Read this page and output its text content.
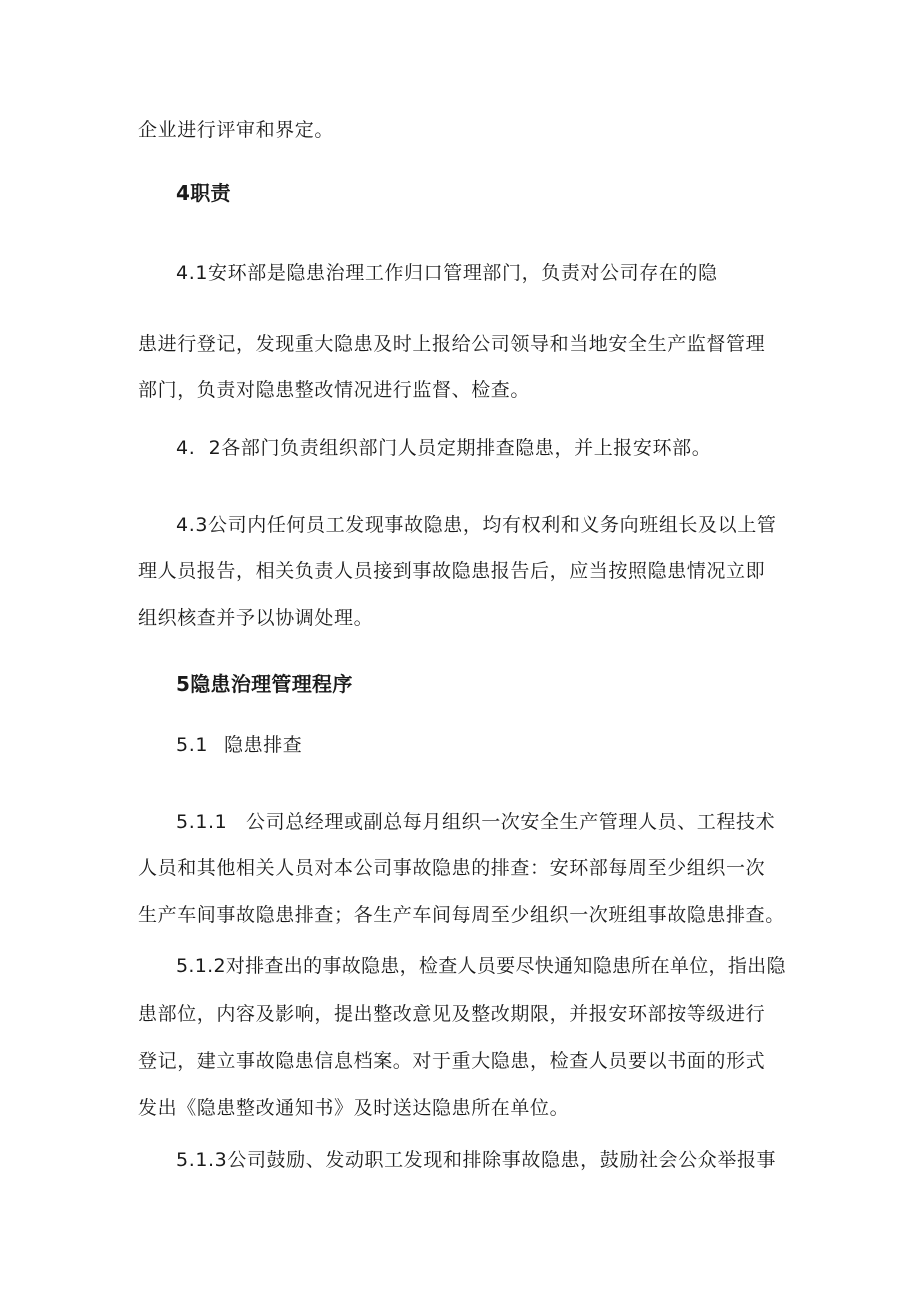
企业进行评审和界定。
4职责
4.1安环部是隐患治理工作归口管理部门，负责对公司存在的隐
患进行登记，发现重大隐患及时上报给公司领导和当地安全生产监督管理
部门，负责对隐患整改情况进行监督、检查。
4.  2各部门负责组织部门人员定期排查隐患，并上报安环部。
4.3公司内任何员工发现事故隐患，均有权利和义务向班组长及以上管
理人员报告，相关负责人员接到事故隐患报告后，应当按照隐患情况立即
组织核查并予以协调处理。
5隐患治理管理程序
5.1 隐患排查
5.1.1 公司总经理或副总每月组织一次安全生产管理人员、工程技术
人员和其他相关人员对本公司事故隐患的排查：安环部每周至少组织一次
生产车间事故隐患排查；各生产车间每周至少组织一次班组事故隐患排查。
5.1.2对排查出的事故隐患，检查人员要尽快通知隐患所在单位，指出隐
患部位，内容及影响，提出整改意见及整改期限，并报安环部按等级进行
登记，建立事故隐患信息档案。对于重大隐患，检查人员要以书面的形式
发出《隐患整改通知书》及时送达隐患所在单位。
5.1.3公司鼓励、发动职工发现和排除事故隐患，鼓励社会公众举报事
